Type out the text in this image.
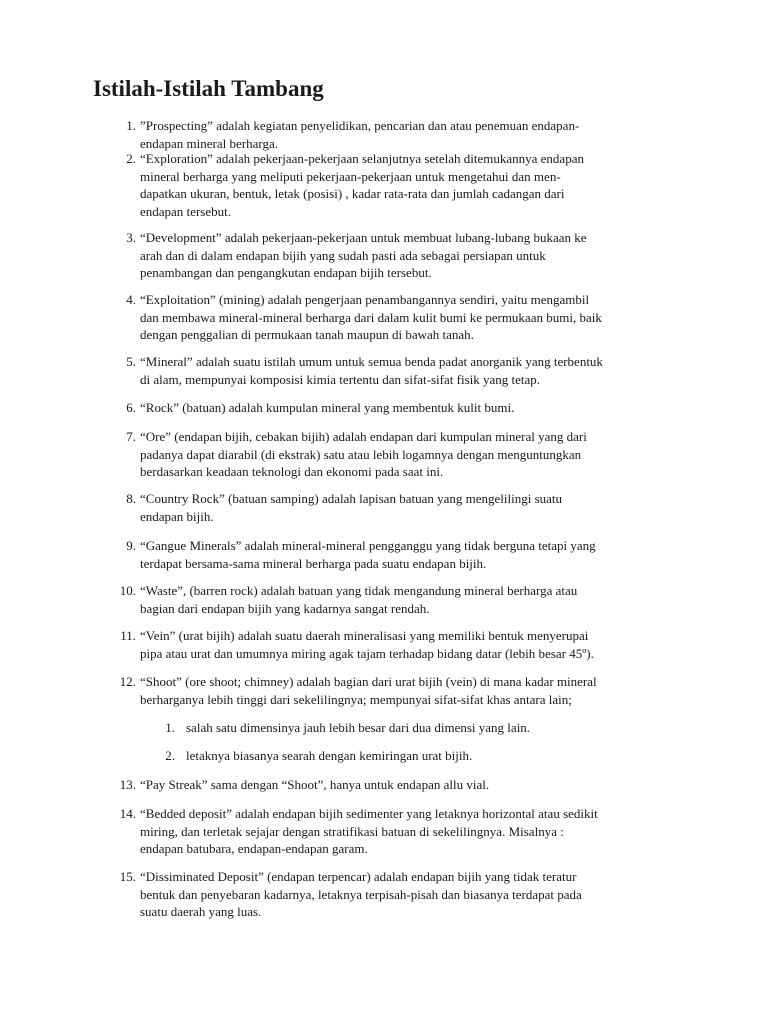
Istilah-Istilah Tambang
1. ”Prospecting” adalah kegiatan penyelidikan, pencarian dan atau penemuan endapan-
endapan mineral berharga.
2. “Exploration” adalah pekerjaan-pekerjaan selanjutnya setelah ditemukannya endapan
mineral berharga yang meliputi pekerjaan-pekerjaan untuk mengetahui dan men-
dapatkan ukuran, bentuk, letak (posisi) , kadar rata-rata dan jumlah cadangan dari
endapan tersebut.
3. “Development” adalah pekerjaan-pekerjaan untuk membuat lubang-lubang bukaan ke
arah dan di dalam endapan bijih yang sudah pasti ada sebagai persiapan untuk
penambangan dan pengangkutan endapan bijih tersebut.
4. “Exploitation” (mining) adalah pengerjaan penambangannya sendiri, yaitu mengambil
dan membawa mineral-mineral berharga dari dalam kulit bumi ke permukaan bumi, baik
dengan penggalian di permukaan tanah maupun di bawah tanah.
5. “Mineral” adalah suatu istilah umum untuk semua benda padat anorganik yang terbentuk
di alam, mempunyai komposisi kimia tertentu dan sifat-sifat fisik yang tetap.
6. “Rock” (batuan) adalah kumpulan mineral yang membentuk kulit bumi.
7. “Ore” (endapan bijih, cebakan bijih) adalah endapan dari kumpulan mineral yang dari
padanya dapat diarabil (di ekstrak) satu atau lebih logamnya dengan menguntungkan
berdasarkan keadaan teknologi dan ekonomi pada saat ini.
8. “Country Rock” (batuan samping) adalah lapisan batuan yang mengelilingi suatu
endapan bijih.
9. “Gangue Minerals” adalah mineral-mineral pengganggu yang tidak berguna tetapi yang
terdapat bersama-sama mineral berharga pada suatu endapan bijih.
10. “Waste”, (barren rock) adalah batuan yang tidak mengandung mineral berharga atau
bagian dari endapan bijih yang kadarnya sangat rendah.
11. “Vein” (urat bijih) adalah suatu daerah mineralisasi yang memiliki bentuk menyerupai
pipa atau urat dan umumnya miring agak tajam terhadap bidang datar (lebih besar 45º).
12. “Shoot” (ore shoot; chimney) adalah bagian dari urat bijih (vein) di mana kadar mineral
berharganya lebih tinggi dari sekelilingnya; mempunyai sifat-sifat khas antara lain;
1. salah satu dimensinya jauh lebih besar dari dua dimensi yang lain.
2. letaknya biasanya searah dengan kemiringan urat bijih.
13. “Pay Streak” sama dengan “Shoot”, hanya untuk endapan allu vial.
14. “Bedded deposit” adalah endapan bijih sedimenter yang letaknya horizontal atau sedikit
miring, dan terletak sejajar dengan stratifikasi batuan di sekelilingnya. Misalnya :
endapan batubara, endapan-endapan garam.
15. “Dissiminated Deposit” (endapan terpencar) adalah endapan bijih yang tidak teratur
bentuk dan penyebaran kadarnya, letaknya terpisah-pisah dan biasanya terdapat pada
suatu daerah yang luas.
